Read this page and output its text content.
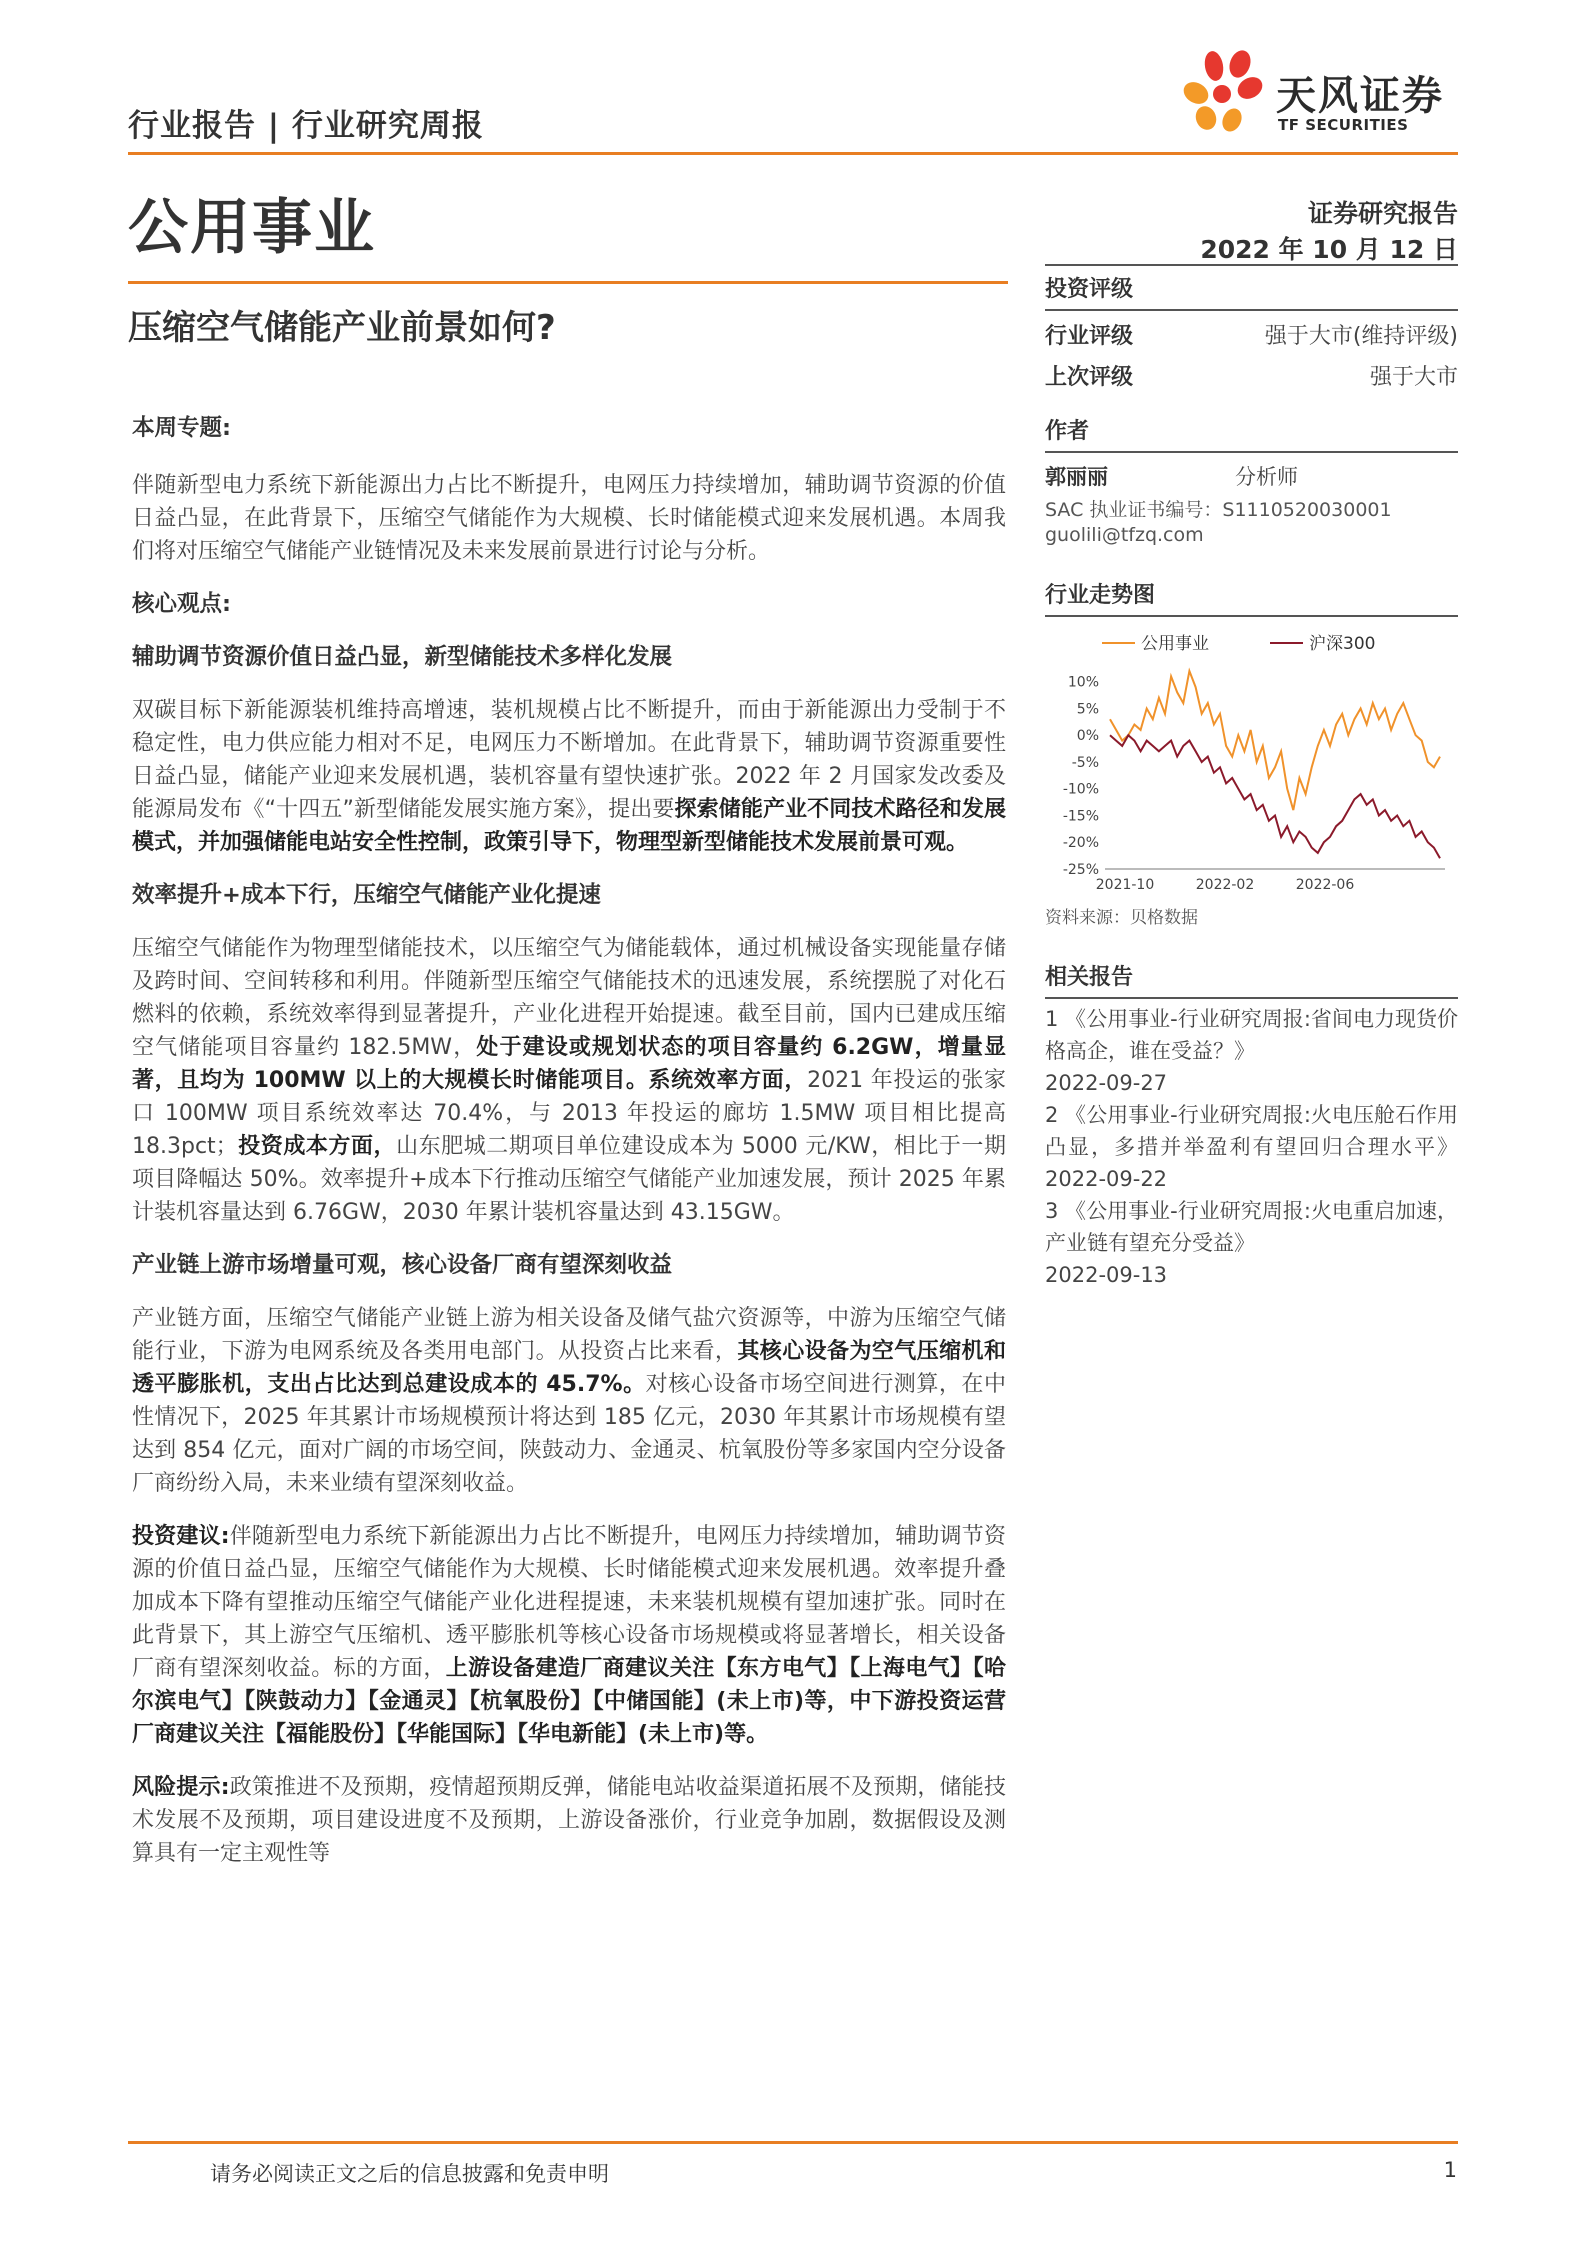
行业报告 | 行业研究周报
天风证券
TF SECURITIES
公用事业	证券研究报告
2022 年 10 月 12 日
压缩空气储能产业前景如何?

本周专题:

伴随新型电力系统下新能源出力占比不断提升，电网压力持续增加，辅助调节资源的价值日益凸显，在此背景下，压缩空气储能作为大规模、长时储能模式迎来发展机遇。本周我们将对压缩空气储能产业链情况及未来发展前景进行讨论与分析。

核心观点:

辅助调节资源价值日益凸显，新型储能技术多样化发展

双碳目标下新能源装机维持高增速，装机规模占比不断提升，而由于新能源出力受制于不稳定性，电力供应能力相对不足，电网压力不断增加。在此背景下，辅助调节资源重要性日益凸显，储能产业迎来发展机遇，装机容量有望快速扩张。2022 年 2 月国家发改委及能源局发布《“十四五”新型储能发展实施方案》，提出要探索储能产业不同技术路径和发展模式，并加强储能电站安全性控制，政策引导下，物理型新型储能技术发展前景可观。

效率提升+成本下行，压缩空气储能产业化提速

压缩空气储能作为物理型储能技术，以压缩空气为储能载体，通过机械设备实现能量存储及跨时间、空间转移和利用。伴随新型压缩空气储能技术的迅速发展，系统摆脱了对化石燃料的依赖，系统效率得到显著提升，产业化进程开始提速。截至目前，国内已建成压缩空气储能项目容量约 182.5MW，处于建设或规划状态的项目容量约 6.2GW，增量显著，且均为 100MW 以上的大规模长时储能项目。系统效率方面，2021 年投运的张家口 100MW 项目系统效率达 70.4%，与 2013 年投运的廊坊 1.5MW 项目相比提高 18.3pct；投资成本方面，山东肥城二期项目单位建设成本为 5000 元/KW，相比于一期项目降幅达 50%。效率提升+成本下行推动压缩空气储能产业加速发展，预计 2025 年累计装机容量达到 6.76GW，2030 年累计装机容量达到 43.15GW。

产业链上游市场增量可观，核心设备厂商有望深刻收益

产业链方面，压缩空气储能产业链上游为相关设备及储气盐穴资源等，中游为压缩空气储能行业，下游为电网系统及各类用电部门。从投资占比来看，其核心设备为空气压缩机和透平膨胀机，支出占比达到总建设成本的 45.7%。对核心设备市场空间进行测算，在中性情况下，2025 年其累计市场规模预计将达到 185 亿元，2030 年其累计市场规模有望达到 854 亿元，面对广阔的市场空间，陕鼓动力、金通灵、杭氧股份等多家国内空分设备厂商纷纷入局，未来业绩有望深刻收益。

投资建议:伴随新型电力系统下新能源出力占比不断提升，电网压力持续增加，辅助调节资源的价值日益凸显，压缩空气储能作为大规模、长时储能模式迎来发展机遇。效率提升叠加成本下降有望推动压缩空气储能产业化进程提速，未来装机规模有望加速扩张。同时在此背景下，其上游空气压缩机、透平膨胀机等核心设备市场规模或将显著增长，相关设备厂商有望深刻收益。标的方面，上游设备建造厂商建议关注【东方电气】【上海电气】【哈尔滨电气】【陕鼓动力】【金通灵】【杭氧股份】【中储国能】(未上市)等，中下游投资运营厂商建议关注【福能股份】【华能国际】【华电新能】(未上市)等。

风险提示:政策推进不及预期，疫情超预期反弹，储能电站收益渠道拓展不及预期，储能技术发展不及预期，项目建设进度不及预期，上游设备涨价，行业竞争加剧，数据假设及测算具有一定主观性等

投资评级
行业评级	强于大市(维持评级)
上次评级	强于大市
作者
郭丽丽	分析师
SAC 执业证书编号：S1110520030001
guolili@tfzq.com
行业走势图
公用事业	沪深300
10%
5%
0%
-5%
-10%
-15%
-20%
-25%
2021-10	2022-02	2022-06
资料来源：贝格数据
相关报告
1 《公用事业-行业研究周报:省间电力现货价格高企，谁在受益？》
2022-09-27
2 《公用事业-行业研究周报:火电压舱石作用凸显，多措并举盈利有望回归合理水平》 2022-09-22
3 《公用事业-行业研究周报:火电重启加速，产业链有望充分受益》
2022-09-13
请务必阅读正文之后的信息披露和免责申明	1
